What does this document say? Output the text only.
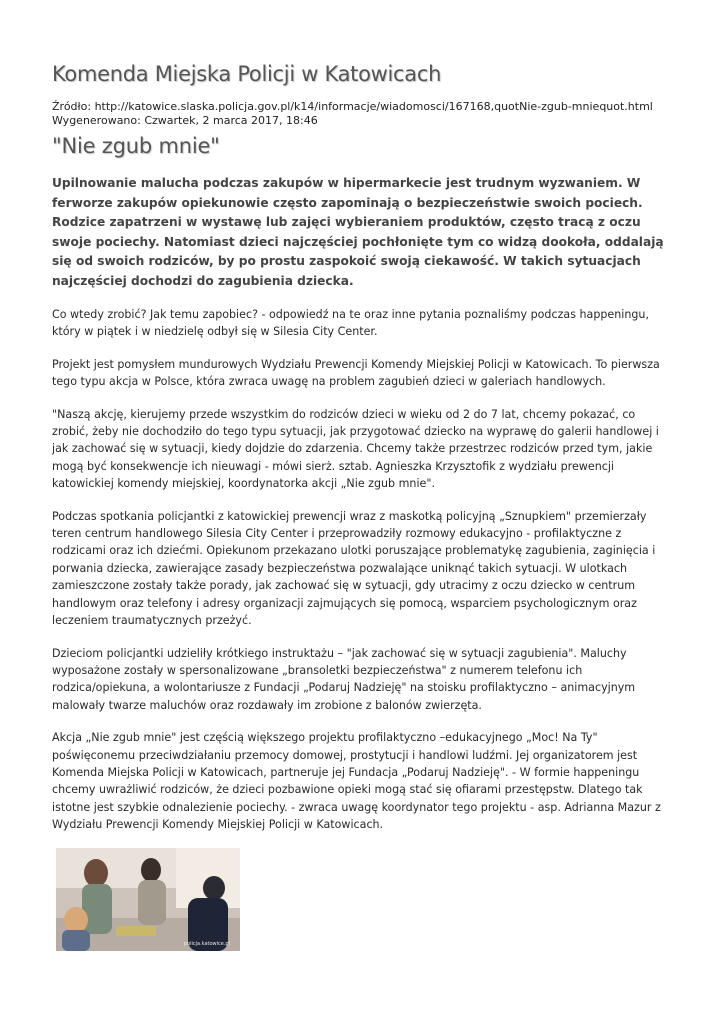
Komenda Miejska Policji w Katowicach
Źródło: http://katowice.slaska.policja.gov.pl/k14/informacje/wiadomosci/167168,quotNie-zgub-mniequot.html
Wygenerowano: Czwartek, 2 marca 2017, 18:46
"Nie zgub mnie"
Upilnowanie malucha podczas zakupów w hipermarkecie jest trudnym wyzwaniem. W ferworze zakupów opiekunowie często zapominają o bezpieczeństwie swoich pociech. Rodzice zapatrzeni w wystawę lub zajęci wybieraniem produktów, często tracą z oczu swoje pociechy. Natomiast dzieci najczęściej pochłonięte tym co widzą dookoła, oddalają się od swoich rodziców, by po prostu zaspokoić swoją ciekawość. W takich sytuacjach najczęściej dochodzi do zagubienia dziecka.
Co wtedy zrobić? Jak temu zapobiec? - odpowiedź na te oraz inne pytania poznaliśmy podczas happeningu, który w piątek i w niedzielę odbył się w Silesia City Center.
Projekt jest pomysłem mundurowych Wydziału Prewencji Komendy Miejskiej Policji w Katowicach. To pierwsza tego typu akcja w Polsce, która zwraca uwagę na problem zagubień dzieci w galeriach handlowych.
"Naszą akcję, kierujemy przede wszystkim do rodziców dzieci w wieku od 2 do 7 lat, chcemy pokazać, co zrobić, żeby nie dochodziło do tego typu sytuacji, jak przygotować dziecko na wyprawę do galerii handlowej i jak zachować się w sytuacji, kiedy dojdzie do zdarzenia. Chcemy także przestrzec rodziców przed tym, jakie mogą być konsekwencje ich nieuwagi - mówi sierż. sztab. Agnieszka Krzysztofik z wydziału prewencji katowickiej komendy miejskiej, koordynatorka akcji „Nie zgub mnie".
Podczas spotkania policjantki z katowickiej prewencji wraz z maskotką policyjną „Sznupkiem" przemierzały teren centrum handlowego Silesia City Center i przeprowadziły rozmowy edukacyjno - profilaktyczne z rodzicami oraz ich dziećmi. Opiekunom przekazano ulotki poruszające problematykę zagubienia, zaginięcia i porwania dziecka, zawierające zasady bezpieczeństwa pozwalające uniknąć takich sytuacji. W ulotkach zamieszczone zostały także porady, jak zachować się w sytuacji, gdy utracimy z oczu dziecko w centrum handlowym oraz telefony i adresy organizacji zajmujących się pomocą, wsparciem psychologicznym oraz leczeniem traumatycznych przeżyć.
Dzieciom policjantki udzieliły krótkiego instruktażu – "jak zachować się w sytuacji zagubienia". Maluchy wyposażone zostały w spersonalizowane „bransoletki bezpieczeństwa" z numerem telefonu ich rodzica/opiekuna, a wolontariusze z Fundacji „Podaruj Nadzieję" na stoisku profilaktyczno – animacyjnym malowały twarze maluchów oraz rozdawały im zrobione z balonów zwierzęta.
Akcja „Nie zgub mnie" jest częścią większego projektu profilaktyczno –edukacyjnego „Moc! Na Ty" poświęconemu przeciwdziałaniu przemocy domowej, prostytucji i handlowi ludźmi. Jej organizatorem jest Komenda Miejska Policji w Katowicach, partneruje jej Fundacja „Podaruj Nadzieję". - W formie happeningu chcemy uwrażliwić rodziców, że dzieci pozbawione opieki mogą stać się ofiarami przestępstw. Dlatego tak istotne jest szybkie odnalezienie pociechy. - zwraca uwagę koordynator tego projektu - asp. Adrianna Mazur z Wydziału Prewencji Komendy Miejskiej Policji w Katowicach.
policja.katowice.pl
